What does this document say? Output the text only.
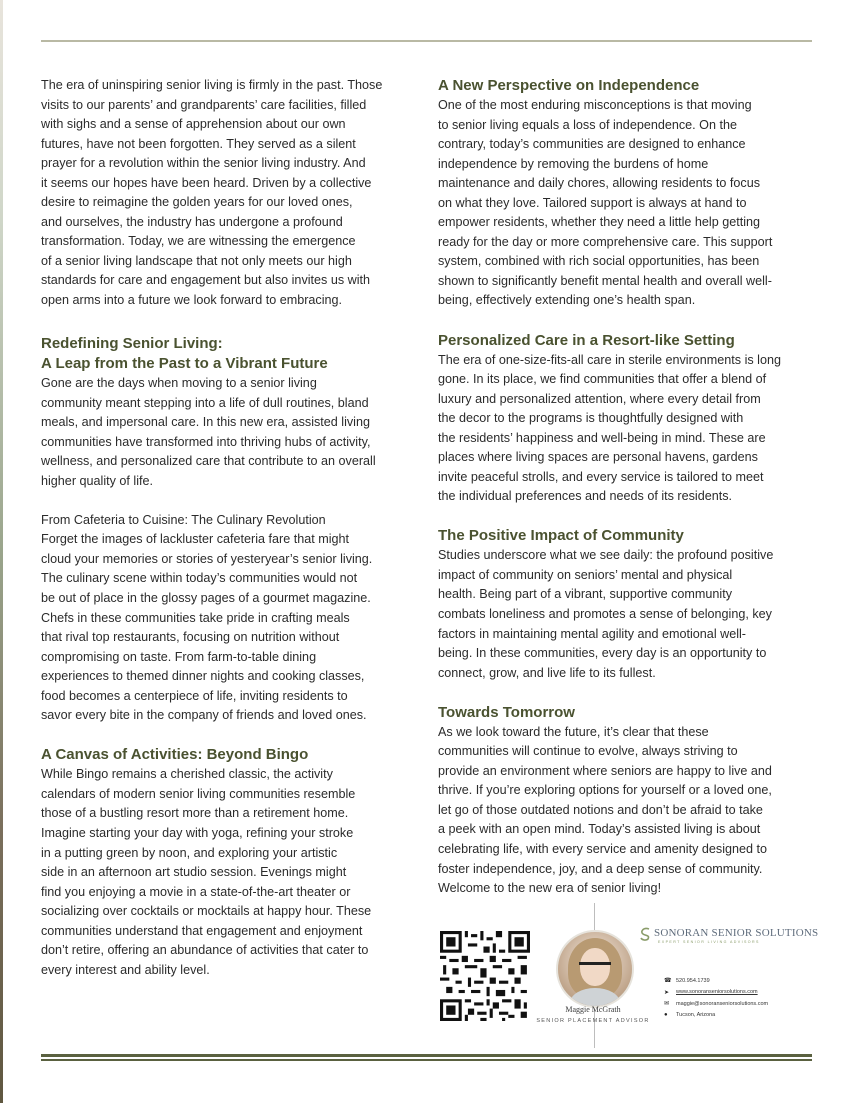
The era of uninspiring senior living is firmly in the past. Those
visits to our parents’ and grandparents’ care facilities, filled
with sighs and a sense of apprehension about our own
futures, have not been forgotten. They served as a silent
prayer for a revolution within the senior living industry. And
it seems our hopes have been heard. Driven by a collective
desire to reimagine the golden years for our loved ones,
and ourselves, the industry has undergone a profound
transformation. Today, we are witnessing the emergence
of a senior living landscape that not only meets our high
standards for care and engagement but also invites us with
open arms into a future we look forward to embracing.

Redefining Senior Living:
A Leap from the Past to a Vibrant Future

Gone are the days when moving to a senior living
community meant stepping into a life of dull routines, bland
meals, and impersonal care. In this new era, assisted living
communities have transformed into thriving hubs of activity,
wellness, and personalized care that contribute to an overall
higher quality of life.

From Cafeteria to Cuisine: The Culinary Revolution

Forget the images of lackluster cafeteria fare that might
cloud your memories or stories of yesteryear’s senior living.
The culinary scene within today’s communities would not
be out of place in the glossy pages of a gourmet magazine.
Chefs in these communities take pride in crafting meals
that rival top restaurants, focusing on nutrition without
compromising on taste. From farm-to-table dining
experiences to themed dinner nights and cooking classes,
food becomes a centerpiece of life, inviting residents to
savor every bite in the company of friends and loved ones.

A Canvas of Activities: Beyond Bingo

While Bingo remains a cherished classic, the activity
calendars of modern senior living communities resemble
those of a bustling resort more than a retirement home.
Imagine starting your day with yoga, refining your stroke
in a putting green by noon, and exploring your artistic
side in an afternoon art studio session. Evenings might
find you enjoying a movie in a state-of-the-art theater or
socializing over cocktails or mocktails at happy hour. These
communities understand that engagement and enjoyment
don’t retire, offering an abundance of activities that cater to
every interest and ability level.

A New Perspective on Independence

One of the most enduring misconceptions is that moving
to senior living equals a loss of independence. On the
contrary, today’s communities are designed to enhance
independence by removing the burdens of home
maintenance and daily chores, allowing residents to focus
on what they love. Tailored support is always at hand to
empower residents, whether they need a little help getting
ready for the day or more comprehensive care. This support
system, combined with rich social opportunities, has been
shown to significantly benefit mental health and overall well-
being, effectively extending one’s health span.

Personalized Care in a Resort-like Setting

The era of one-size-fits-all care in sterile environments is long
gone. In its place, we find communities that offer a blend of
luxury and personalized attention, where every detail from
the decor to the programs is thoughtfully designed with
the residents’ happiness and well-being in mind. These are
places where living spaces are personal havens, gardens
invite peaceful strolls, and every service is tailored to meet
the individual preferences and needs of its residents.

The Positive Impact of Community

Studies underscore what we see daily: the profound positive
impact of community on seniors’ mental and physical
health. Being part of a vibrant, supportive community
combats loneliness and promotes a sense of belonging, key
factors in maintaining mental agility and emotional well-
being. In these communities, every day is an opportunity to
connect, grow, and live life to its fullest.

Towards Tomorrow

As we look toward the future, it’s clear that these
communities will continue to evolve, always striving to
provide an environment where seniors are happy to live and
thrive. If you’re exploring options for yourself or a loved one,
let go of those outdated notions and don’t be afraid to take
a peek with an open mind. Today’s assisted living is about
celebrating life, with every service and amenity designed to
foster independence, joy, and a deep sense of community.
Welcome to the new era of senior living!

Maggie McGrath
SENIOR PLACEMENT ADVISOR
SONORAN SENIOR SOLUTIONS
EXPERT SENIOR LIVING ADVISORS
☎ 520.954.1739
➤	www.sonoranseniorsolutions.com
✉	maggie@sonoranseniorsolutions.com
●	Tucson, Arizona
